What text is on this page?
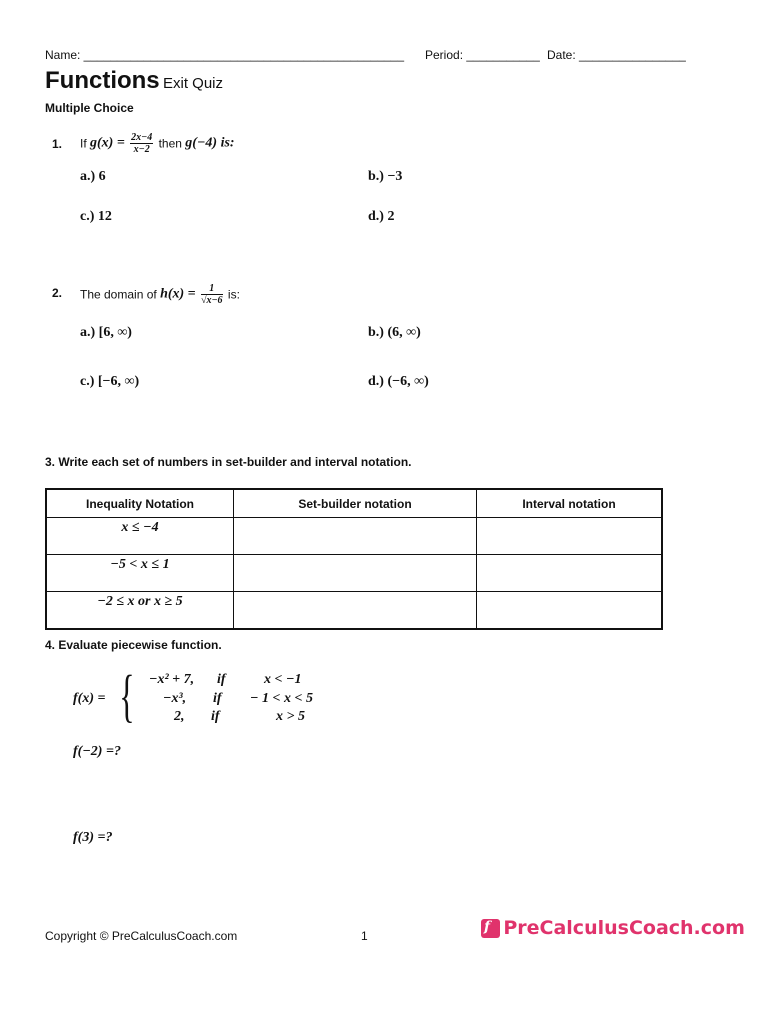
Name: ________________________________________________ Period: ___________ Date: ________________
Functions Exit Quiz
Multiple Choice
1. If $g(x) = \frac{2x-4}{x-2}$ then g(−4) is:
a.) 6	b.) −3
c.) 12	d.) 2
2. The domain of $h(x) = \frac{1}{√x-6}$ is:
a.) [6, ∞)	b.) (6, ∞)
c.) [−6, ∞)	d.) (−6, ∞)
3. Write each set of numbers in set-builder and interval notation.
Inequality Notation	Set-builder notation	Interval notation
x ≤ −4		
−5 < x ≤ 1		
−2 ≤ x or x ≥ 5		
4. Evaluate piecewise function.
f(x) = { −x² + 7, if	x < −1
−x³, if − 1 < x < 5
2, if	x > 5
f(−2) =?
f(3) =?
Copyright © PreCalculusCoach.com	1
f PreCalculusCoach.com
